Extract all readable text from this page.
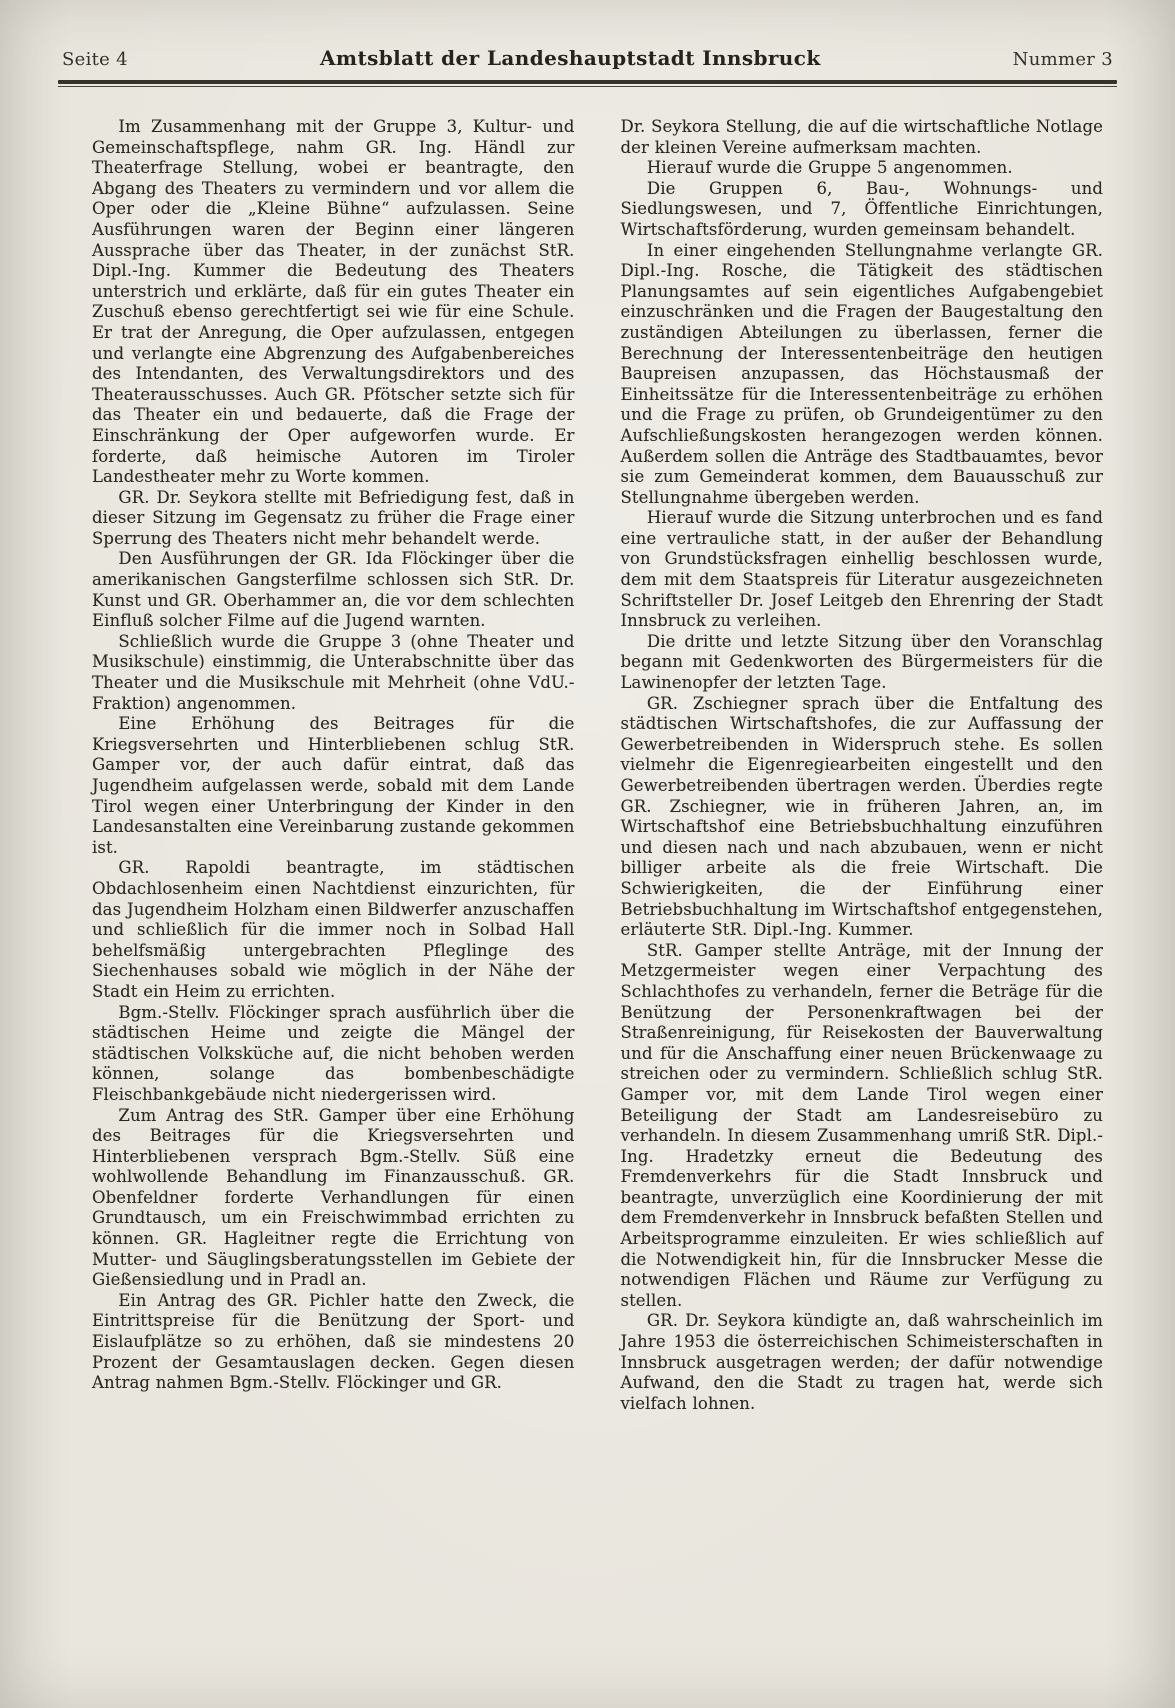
Seite 4	Amtsblatt der Landeshauptstadt Innsbruck	Nummer 3

Im Zusammenhang mit der Gruppe 3, Kultur- und Gemeinschaftspflege, nahm GR. Ing. Händl zur Theaterfrage Stellung, wobei er beantragte, den Abgang des Theaters zu vermindern und vor allem die Oper oder die „Kleine Bühne“ aufzulassen. Seine Ausführungen waren der Beginn einer längeren Aussprache über das Theater, in der zunächst StR. Dipl.-Ing. Kummer die Bedeutung des Theaters unterstrich und erklärte, daß für ein gutes Theater ein Zuschuß ebenso gerechtfertigt sei wie für eine Schule. Er trat der Anregung, die Oper aufzulassen, entgegen und verlangte eine Abgrenzung des Aufgabenbereiches des Intendanten, des Verwaltungsdirektors und des Theaterausschusses. Auch GR. Pfötscher setzte sich für das Theater ein und bedauerte, daß die Frage der Einschränkung der Oper aufgeworfen wurde. Er forderte, daß heimische Autoren im Tiroler Landestheater mehr zu Worte kommen.

GR. Dr. Seykora stellte mit Befriedigung fest, daß in dieser Sitzung im Gegensatz zu früher die Frage einer Sperrung des Theaters nicht mehr behandelt werde.

Den Ausführungen der GR. Ida Flöckinger über die amerikanischen Gangsterfilme schlossen sich StR. Dr. Kunst und GR. Oberhammer an, die vor dem schlechten Einfluß solcher Filme auf die Jugend warnten.

Schließlich wurde die Gruppe 3 (ohne Theater und Musikschule) einstimmig, die Unterabschnitte über das Theater und die Musikschule mit Mehrheit (ohne VdU.-Fraktion) angenommen.

Eine Erhöhung des Beitrages für die Kriegsversehrten und Hinterbliebenen schlug StR. Gamper vor, der auch dafür eintrat, daß das Jugendheim aufgelassen werde, sobald mit dem Lande Tirol wegen einer Unterbringung der Kinder in den Landesanstalten eine Vereinbarung zustande gekommen ist.

GR. Rapoldi beantragte, im städtischen Obdachlosenheim einen Nachtdienst einzurichten, für das Jugendheim Holzham einen Bildwerfer anzuschaffen und schließlich für die immer noch in Solbad Hall behelfsmäßig untergebrachten Pfleglinge des Siechenhauses sobald wie möglich in der Nähe der Stadt ein Heim zu errichten.

Bgm.-Stellv. Flöckinger sprach ausführlich über die städtischen Heime und zeigte die Mängel der städtischen Volksküche auf, die nicht behoben werden können, solange das bombenbeschädigte Fleischbankgebäude nicht niedergerissen wird.

Zum Antrag des StR. Gamper über eine Erhöhung des Beitrages für die Kriegsversehrten und Hinterbliebenen versprach Bgm.-Stellv. Süß eine wohlwollende Behandlung im Finanzausschuß. GR. Obenfeldner forderte Verhandlungen für einen Grundtausch, um ein Freischwimmbad errichten zu können. GR. Hagleitner regte die Errichtung von Mutter- und Säuglingsberatungsstellen im Gebiete der Gießensiedlung und in Pradl an.

Ein Antrag des GR. Pichler hatte den Zweck, die Eintrittspreise für die Benützung der Sport- und Eislaufplätze so zu erhöhen, daß sie mindestens 20 Prozent der Gesamtauslagen decken. Gegen diesen Antrag nahmen Bgm.-Stellv. Flöckinger und GR.

Dr. Seykora Stellung, die auf die wirtschaftliche Notlage der kleinen Vereine aufmerksam machten.

Hierauf wurde die Gruppe 5 angenommen.

Die Gruppen 6, Bau-, Wohnungs- und Siedlungswesen, und 7, Öffentliche Einrichtungen, Wirtschaftsförderung, wurden gemeinsam behandelt.

In einer eingehenden Stellungnahme verlangte GR. Dipl.-Ing. Rosche, die Tätigkeit des städtischen Planungsamtes auf sein eigentliches Aufgabengebiet einzuschränken und die Fragen der Baugestaltung den zuständigen Abteilungen zu überlassen, ferner die Berechnung der Interessentenbeiträge den heutigen Baupreisen anzupassen, das Höchstausmaß der Einheitssätze für die Interessentenbeiträge zu erhöhen und die Frage zu prüfen, ob Grundeigentümer zu den Aufschließungskosten herangezogen werden können. Außerdem sollen die Anträge des Stadtbauamtes, bevor sie zum Gemeinderat kommen, dem Bauausschuß zur Stellungnahme übergeben werden.

Hierauf wurde die Sitzung unterbrochen und es fand eine vertrauliche statt, in der außer der Behandlung von Grundstücksfragen einhellig beschlossen wurde, dem mit dem Staatspreis für Literatur ausgezeichneten Schriftsteller Dr. Josef Leitgeb den Ehrenring der Stadt Innsbruck zu verleihen.

Die dritte und letzte Sitzung über den Voranschlag begann mit Gedenkworten des Bürgermeisters für die Lawinenopfer der letzten Tage.

GR. Zschiegner sprach über die Entfaltung des städtischen Wirtschaftshofes, die zur Auffassung der Gewerbetreibenden in Widerspruch stehe. Es sollen vielmehr die Eigenregiearbeiten eingestellt und den Gewerbetreibenden übertragen werden. Überdies regte GR. Zschiegner, wie in früheren Jahren, an, im Wirtschaftshof eine Betriebsbuchhaltung einzuführen und diesen nach und nach abzubauen, wenn er nicht billiger arbeite als die freie Wirtschaft. Die Schwierigkeiten, die der Einführung einer Betriebsbuchhaltung im Wirtschaftshof entgegenstehen, erläuterte StR. Dipl.-Ing. Kummer.

StR. Gamper stellte Anträge, mit der Innung der Metzgermeister wegen einer Verpachtung des Schlachthofes zu verhandeln, ferner die Beträge für die Benützung der Personenkraftwagen bei der Straßenreinigung, für Reisekosten der Bauverwaltung und für die Anschaffung einer neuen Brückenwaage zu streichen oder zu vermindern. Schließlich schlug StR. Gamper vor, mit dem Lande Tirol wegen einer Beteiligung der Stadt am Landesreisebüro zu verhandeln. In diesem Zusammenhang umriß StR. Dipl.-Ing. Hradetzky erneut die Bedeutung des Fremdenverkehrs für die Stadt Innsbruck und beantragte, unverzüglich eine Koordinierung der mit dem Fremdenverkehr in Innsbruck befaßten Stellen und Arbeitsprogramme einzuleiten. Er wies schließlich auf die Notwendigkeit hin, für die Innsbrucker Messe die notwendigen Flächen und Räume zur Verfügung zu stellen.

GR. Dr. Seykora kündigte an, daß wahrscheinlich im Jahre 1953 die österreichischen Schimeisterschaften in Innsbruck ausgetragen werden; der dafür notwendige Aufwand, den die Stadt zu tragen hat, werde sich vielfach lohnen.
